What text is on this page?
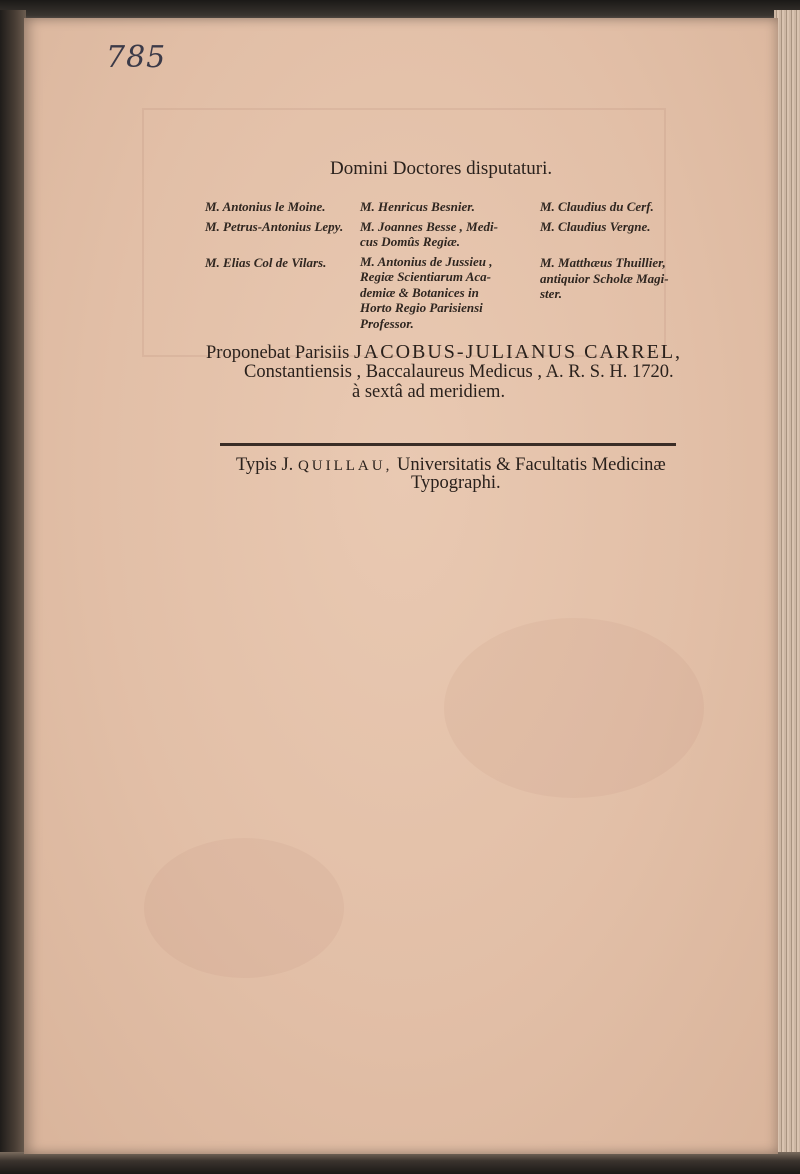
785
Domini Doctores disputaturi.
M. Antonius le Moine.
M. Petrus-Antonius Lepy.
M. Elias Col de Vilars.
M. Henricus Besnier.
M. Joannes Besse , Medi-
cus Domûs Regiæ.
M. Antonius de Jussieu ,
Regiæ Scientiarum Aca-
demiæ & Botanices in
Horto Regio Parisiensi
Professor.
M. Claudius du Cerf.
M. Claudius Vergne.
M. Matthæus Thuillier,
antiquior Scholæ Magi-
ster.
Proponebat Parisiis JACOBUS-JULIANUS CARREL,
Constantiensis , Baccalaureus Medicus , A. R. S. H. 1720.
à sextâ ad meridiem.
Typis J. QUILLAU, Universitatis & Facultatis Medicinæ
Typographi.
